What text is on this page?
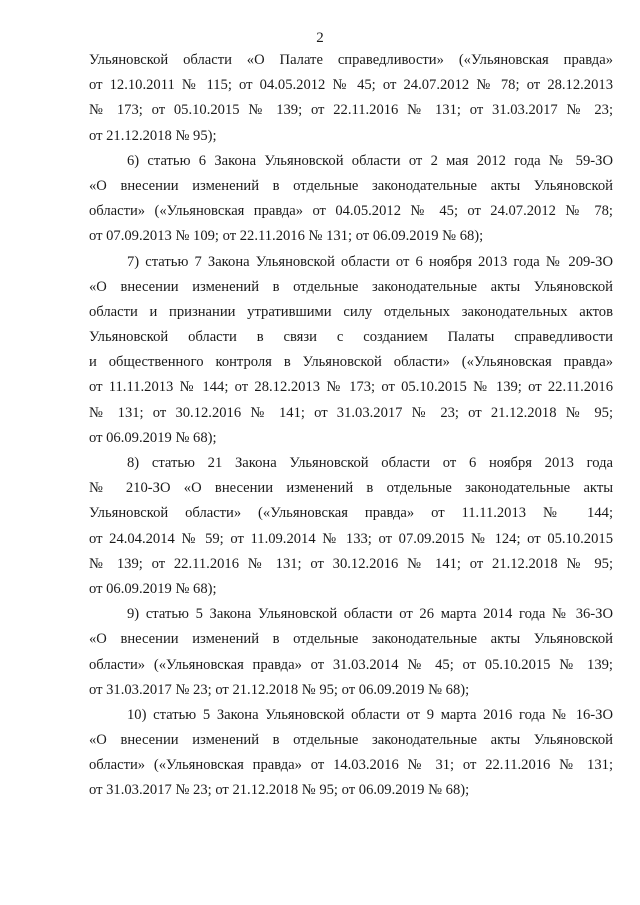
2
Ульяновской области «О Палате справедливости» («Ульяновская правда»
от 12.10.2011 № 115; от 04.05.2012 № 45; от 24.07.2012 № 78; от 28.12.2013
№ 173; от 05.10.2015 № 139; от 22.11.2016 № 131; от 31.03.2017 № 23;
от 21.12.2018 № 95);
6) статью 6 Закона Ульяновской области от 2 мая 2012 года № 59-ЗО
«О внесении изменений в отдельные законодательные акты Ульяновской
области» («Ульяновская правда» от 04.05.2012 № 45; от 24.07.2012 № 78;
от 07.09.2013 № 109; от 22.11.2016 № 131; от 06.09.2019 № 68);
7) статью 7 Закона Ульяновской области от 6 ноября 2013 года № 209-ЗО
«О внесении изменений в отдельные законодательные акты Ульяновской
области и признании утратившими силу отдельных законодательных актов
Ульяновской области в связи с созданием Палаты справедливости
и общественного контроля в Ульяновской области» («Ульяновская правда»
от 11.11.2013 № 144; от 28.12.2013 № 173; от 05.10.2015 № 139; от 22.11.2016
№ 131; от 30.12.2016 № 141; от 31.03.2017 № 23; от 21.12.2018 № 95;
от 06.09.2019 № 68);
8) статью 21 Закона Ульяновской области от 6 ноября 2013 года
№ 210-ЗО «О внесении изменений в отдельные законодательные акты
Ульяновской области» («Ульяновская правда» от 11.11.2013 № 144;
от 24.04.2014 № 59; от 11.09.2014 № 133; от 07.09.2015 № 124; от 05.10.2015
№ 139; от 22.11.2016 № 131; от 30.12.2016 № 141; от 21.12.2018 № 95;
от 06.09.2019 № 68);
9) статью 5 Закона Ульяновской области от 26 марта 2014 года № 36-ЗО
«О внесении изменений в отдельные законодательные акты Ульяновской
области» («Ульяновская правда» от 31.03.2014 № 45; от 05.10.2015 № 139;
от 31.03.2017 № 23; от 21.12.2018 № 95; от 06.09.2019 № 68);
10) статью 5 Закона Ульяновской области от 9 марта 2016 года № 16-ЗО
«О внесении изменений в отдельные законодательные акты Ульяновской
области» («Ульяновская правда» от 14.03.2016 № 31; от 22.11.2016 № 131;
от 31.03.2017 № 23; от 21.12.2018 № 95; от 06.09.2019 № 68);
